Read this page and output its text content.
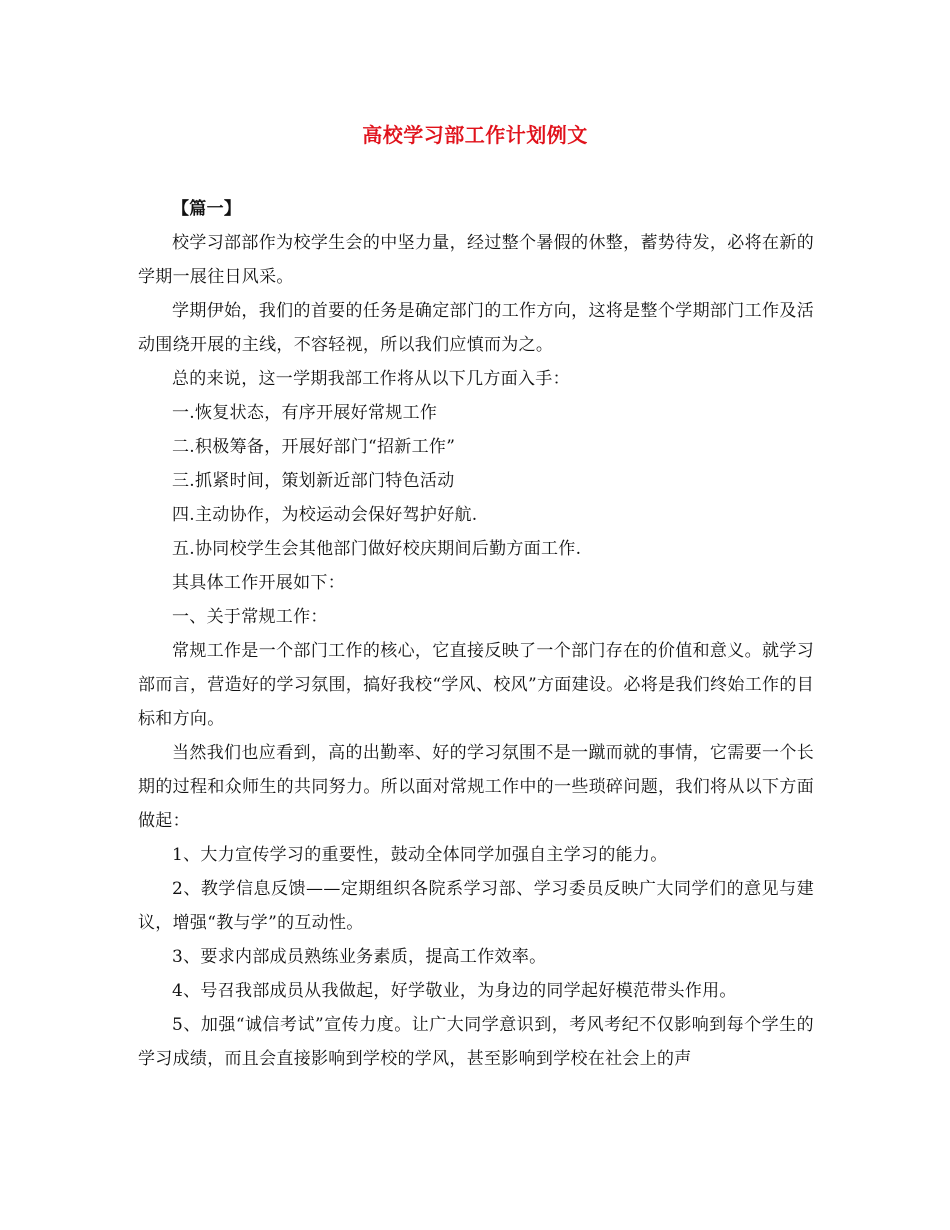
高校学习部工作计划例文

【篇一】

校学习部部作为校学生会的中坚力量，经过整个暑假的休整，蓄势待发，必将在新的学期一展往日风采。

学期伊始，我们的首要的任务是确定部门的工作方向，这将是整个学期部门工作及活动围绕开展的主线，不容轻视，所以我们应慎而为之。

总的来说，这一学期我部工作将从以下几方面入手：

一.恢复状态，有序开展好常规工作

二.积极筹备，开展好部门“招新工作”

三.抓紧时间，策划新近部门特色活动

四.主动协作，为校运动会保好驾护好航.

五.协同校学生会其他部门做好校庆期间后勤方面工作.

其具体工作开展如下：

一、关于常规工作：

常规工作是一个部门工作的核心，它直接反映了一个部门存在的价值和意义。就学习部而言，营造好的学习氛围，搞好我校“学风、校风”方面建设。必将是我们终始工作的目标和方向。

当然我们也应看到，高的出勤率、好的学习氛围不是一蹴而就的事情，它需要一个长期的过程和众师生的共同努力。所以面对常规工作中的一些琐碎问题，我们将从以下方面做起：

1、大力宣传学习的重要性，鼓动全体同学加强自主学习的能力。

2、教学信息反馈——定期组织各院系学习部、学习委员反映广大同学们的意见与建议，增强“教与学”的互动性。

3、要求内部成员熟练业务素质，提高工作效率。

4、号召我部成员从我做起，好学敬业，为身边的同学起好模范带头作用。

5、加强“诚信考试”宣传力度。让广大同学意识到，考风考纪不仅影响到每个学生的学习成绩，而且会直接影响到学校的学风，甚至影响到学校在社会上的声
